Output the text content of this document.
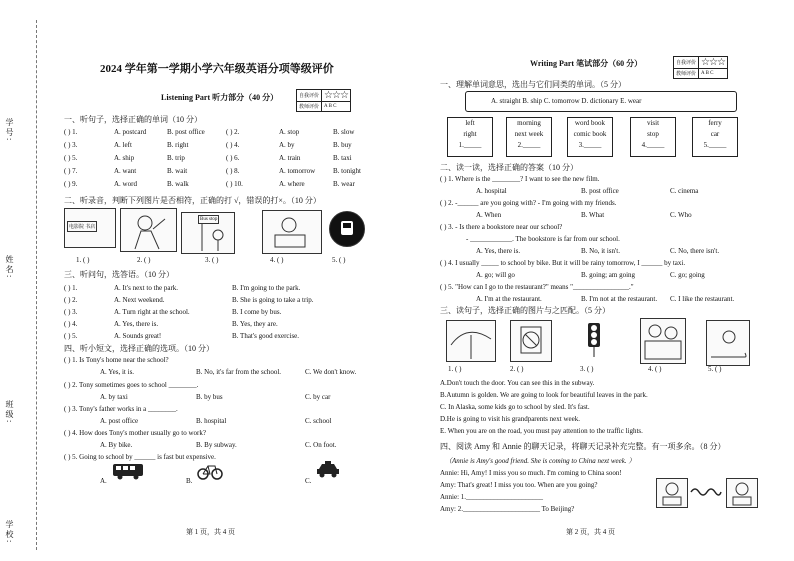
学号:
姓名:
班级:
学校:
2024 学年第一学期小学六年级英语分项等级评价
Listening Part 听力部分（40 分）	自我评价	☆☆☆
教师评价	A B C
一、听句子，选择正确的单词（10 分）
( ) 1.	A. postcard	B. post office	( ) 2.	A. stop	B. slow
( ) 3.	A. left	B. right	( ) 4.	A. by	B. buy
( ) 5.	A. ship	B. trip	( ) 6.	A. train	B. taxi
( ) 7.	A. want	B. wait	( ) 8.	A. tomorrow	B. tonight
( ) 9.	A. word	B. walk	( ) 10.	A. where	B. wear
二、听录音，判断下列图片是否相符，正确的打 √，错误的打×。（10 分）
电影院 书店
Bus stop
1. ( )	2. ( )	3. ( )	4. ( )	5. ( )
三、听问句，选答语。（10 分）
( ) 1.	A. It's next to the park.	B. I'm going to the park.
( ) 2.	A. Next weekend.	B. She is going to take a trip.
( ) 3.	A. Turn right at the school.	B. I come by bus.
( ) 4.	A. Yes, there is.	B. Yes, they are.
( ) 5.	A. Sounds great!	B. That's good exercise.
四、听小短文，选择正确的选项。（10 分）
( ) 1. Is Tony's home near the school?
A. Yes, it is.	B. No, it's far from the school.	C. We don't know.
( ) 2. Tony sometimes goes to school ________.
A. by taxi	B. by bus	C. by car
( ) 3. Tony's father works in a ________.
A. post office	B. hospital	C. school
( ) 4. How does Tony's mother usually go to work?
A. By bike.	B. By subway.	C. On foot.
( ) 5. Going to school by ______ is fast but expensive.
A.	B.	C.
第 1 页，共 4 页
Writing Part 笔试部分（60 分）	自我评价	☆☆☆
教师评价	A B C
一、理解单词意思，选出与它们同类的单词。（5 分）
A. straight B. ship C. tomorrow D. dictionary E. wear
left
right
1._____
morning
next week
2._____
word book
comic book
3._____
visit
stop
4._____
ferry
car
5._____
二、读一读，选择正确的答案（10 分）
( ) 1. Where is the ________? I want to see the new film.
A. hospital	B. post office	C. cinema
( ) 2. -______ are you going with? - I'm going with my friends.
A. When	B. What	C. Who
( ) 3. - Is there a bookstore near our school?
- ____________. The bookstore is far from our school.
A. Yes, there is.	B. No, it isn't.	C. No, there isn't.
( ) 4. I usually _____ to school by bike. But it will be rainy tomorrow, I ______ by taxi.
A. go; will go	B. going; am going	C. go; going
( ) 5. "How can I go to the restaurant?" means "________________."
A. I'm at the restaurant.	B. I'm not at the restaurant. C. I like the restaurant.
三、读句子，选择正确的图片与之匹配。（5 分）
1. ( )	2. ( )	3. ( )	4. ( )	5. ( )
A.Don't touch the door. You can see this in the subway.
B.Autumn is golden. We are going to look for beautiful leaves in the park.
C. In Alaska, some kids go to school by sled. It's fast.
D.He is going to visit his grandparents next week.
E. When you are on the road, you must pay attention to the traffic lights.
四、阅读 Amy 和 Annie 的聊天记录，将聊天记录补充完整。有一项多余。（8 分）
（Annie is Amy's good friend. She is coming to China next week. ）
Annie: Hi, Amy! I miss you so much. I'm coming to China soon!
Amy: That's great! I miss you too. When are you going?
Annie: 1.______________________
Amy: 2.______________________ To Beijing?
第 2 页，共 4 页
